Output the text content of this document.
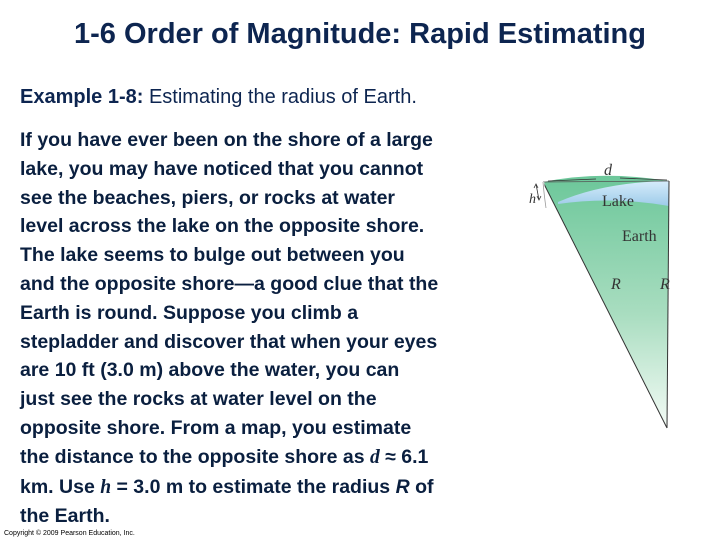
1-6 Order of Magnitude: Rapid Estimating
Example 1-8: Estimating the radius of Earth.

If you have ever been on the shore of a large
lake, you may have noticed that you cannot
see the beaches, piers, or rocks at water
level across the lake on the opposite shore.
The lake seems to bulge out between you
and the opposite shore—a good clue that the
Earth is round. Suppose you climb a
stepladder and discover that when your eyes
are 10 ft (3.0 m) above the water, you can
just see the rocks at water level on the
opposite shore. From a map, you estimate
the distance to the opposite shore as d ≈ 6.1
km. Use h = 3.0 m to estimate the radius R of
the Earth.

d
h	Lake
Earth
R R
Copyright © 2009 Pearson Education, Inc.
